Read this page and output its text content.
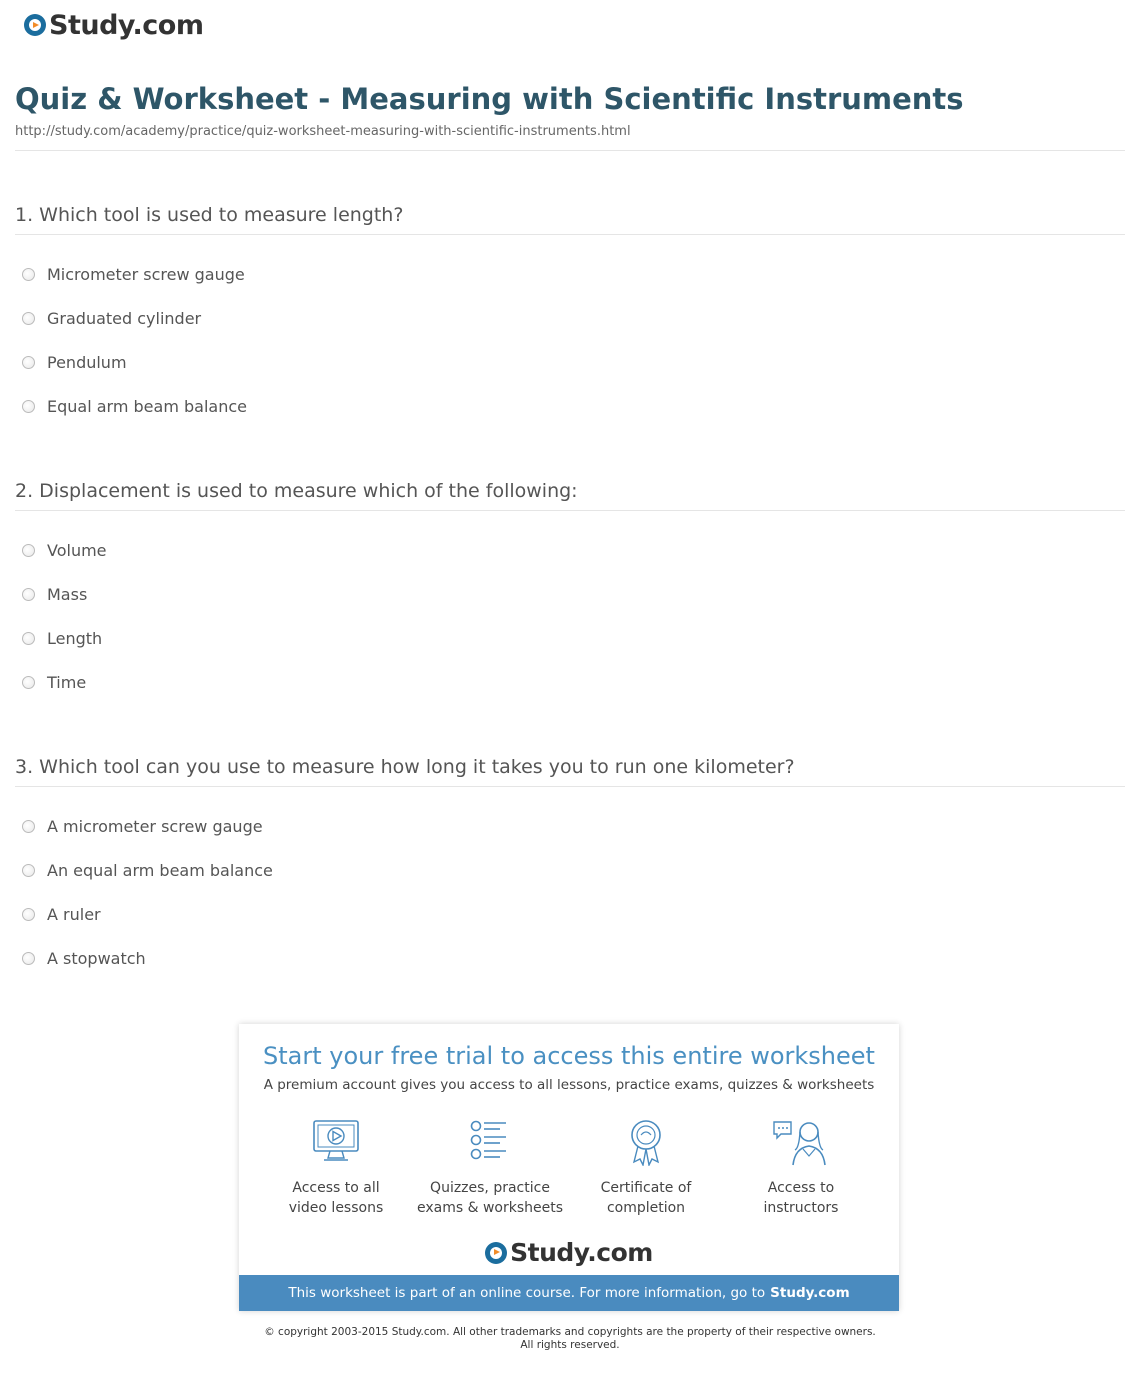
Study.com
Quiz & Worksheet - Measuring with Scientific Instruments
http://study.com/academy/practice/quiz-worksheet-measuring-with-scientific-instruments.html
1. Which tool is used to measure length?
Micrometer screw gauge
Graduated cylinder
Pendulum
Equal arm beam balance
2. Displacement is used to measure which of the following:
Volume
Mass
Length
Time
3. Which tool can you use to measure how long it takes you to run one kilometer?
A micrometer screw gauge
An equal arm beam balance
A ruler
A stopwatch
Start your free trial to access this entire worksheet
A premium account gives you access to all lessons, practice exams, quizzes & worksheets
Access to all
video lessons
Quizzes, practice
exams & worksheets
Certificate of
completion
Access to
instructors
Study.com
This worksheet is part of an online course. For more information, go to Study.com
© copyright 2003-2015 Study.com. All other trademarks and copyrights are the property of their respective owners.
All rights reserved.
